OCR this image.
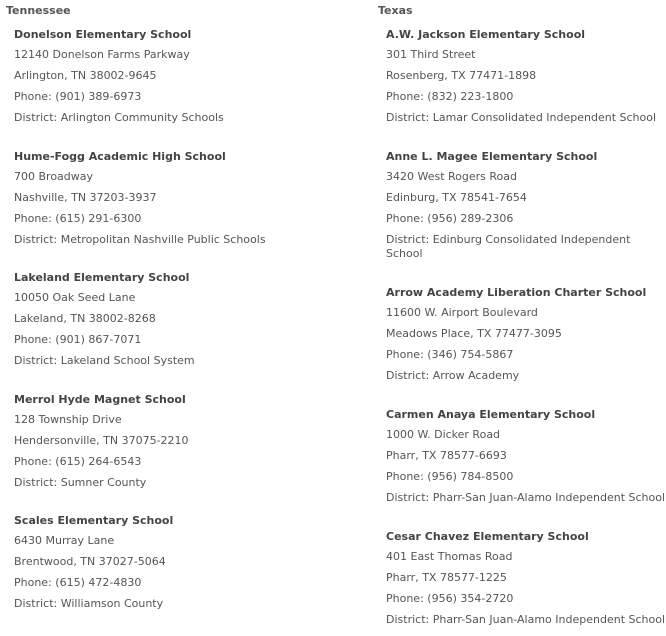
Tennessee
Donelson Elementary School
12140 Donelson Farms Parkway
Arlington, TN 38002-9645
Phone: (901) 389-6973
District: Arlington Community Schools
Hume-Fogg Academic High School
700 Broadway
Nashville, TN 37203-3937
Phone: (615) 291-6300
District: Metropolitan Nashville Public Schools
Lakeland Elementary School
10050 Oak Seed Lane
Lakeland, TN 38002-8268
Phone: (901) 867-7071
District: Lakeland School System
Merrol Hyde Magnet School
128 Township Drive
Hendersonville, TN 37075-2210
Phone: (615) 264-6543
District: Sumner County
Scales Elementary School
6430 Murray Lane
Brentwood, TN 37027-5064
Phone: (615) 472-4830
District: Williamson County
Texas
A.W. Jackson Elementary School
301 Third Street
Rosenberg, TX 77471-1898
Phone: (832) 223-1800
District: Lamar Consolidated Independent School
Anne L. Magee Elementary School
3420 West Rogers Road
Edinburg, TX 78541-7654
Phone: (956) 289-2306
District: Edinburg Consolidated Independent School
Arrow Academy Liberation Charter School
11600 W. Airport Boulevard
Meadows Place, TX 77477-3095
Phone: (346) 754-5867
District: Arrow Academy
Carmen Anaya Elementary School
1000 W. Dicker Road
Pharr, TX 78577-6693
Phone: (956) 784-8500
District: Pharr-San Juan-Alamo Independent School
Cesar Chavez Elementary School
401 East Thomas Road
Pharr, TX 78577-1225
Phone: (956) 354-2720
District: Pharr-San Juan-Alamo Independent School
